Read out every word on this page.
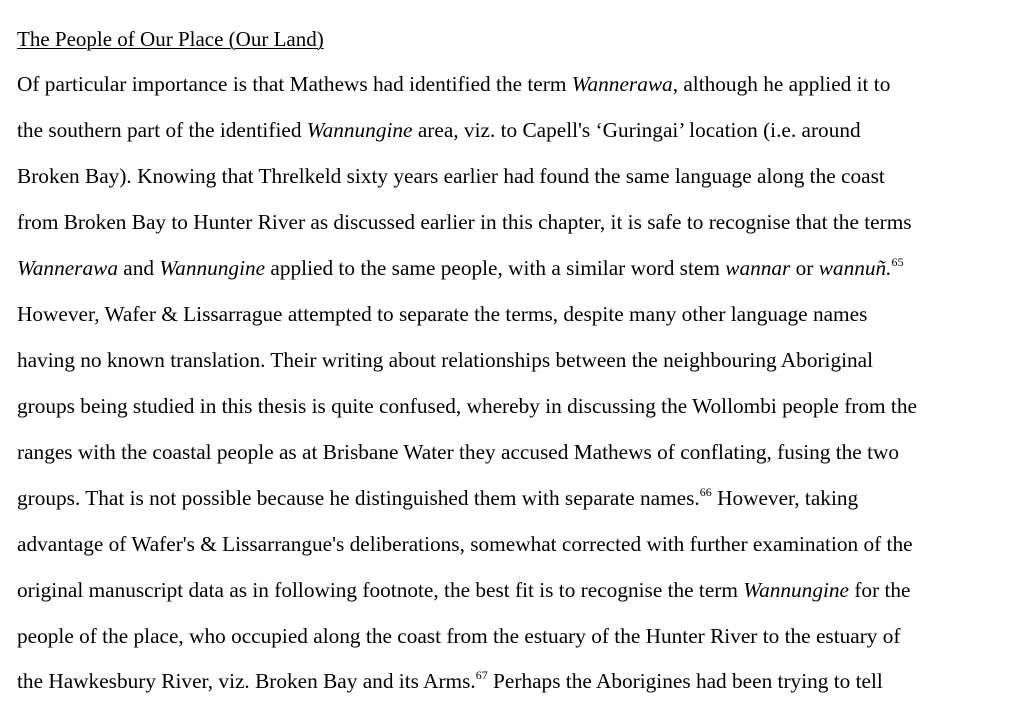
The People of Our Place (Our Land)
Of particular importance is that Mathews had identified the term Wannerawa, although he applied it to
the southern part of the identified Wannungine area, viz. to Capell's ‘Guringai’ location (i.e. around
Broken Bay). Knowing that Threlkeld sixty years earlier had found the same language along the coast
from Broken Bay to Hunter River as discussed earlier in this chapter, it is safe to recognise that the terms
Wannerawa and Wannungine applied to the same people, with a similar word stem wannar or wannuñ.$^{65}$
However, Wafer & Lissarrague attempted to separate the terms, despite many other language names
having no known translation. Their writing about relationships between the neighbouring Aboriginal
groups being studied in this thesis is quite confused, whereby in discussing the Wollombi people from the
ranges with the coastal people as at Brisbane Water they accused Mathews of conflating, fusing the two
groups. That is not possible because he distinguished them with separate names.$^{66}$ However, taking
advantage of Wafer's & Lissarrangue's deliberations, somewhat corrected with further examination of the
original manuscript data as in following footnote, the best fit is to recognise the term Wannungine for the
people of the place, who occupied along the coast from the estuary of the Hunter River to the estuary of
the Hawkesbury River, viz. Broken Bay and its Arms.$^{67}$ Perhaps the Aborigines had been trying to tell
